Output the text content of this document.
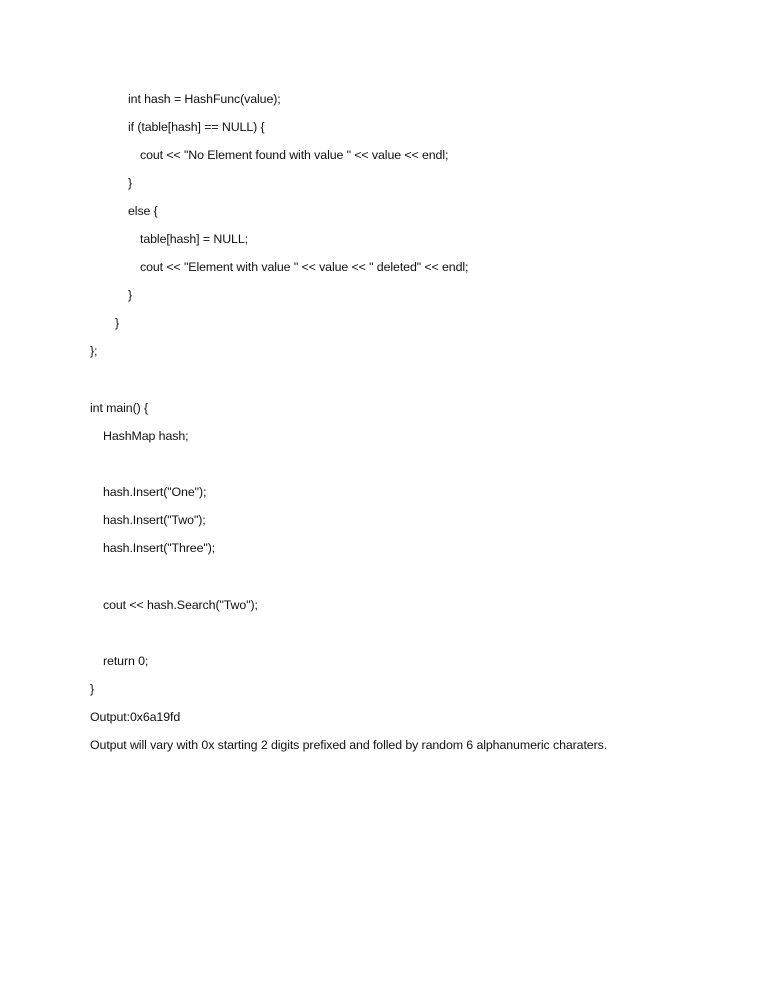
int hash = HashFunc(value);
if (table[hash] == NULL) {
cout << "No Element found with value " << value << endl;
}
else {
table[hash] = NULL;
cout << "Element with value " << value << " deleted" << endl;
}
}
};
int main() {
HashMap hash;
hash.Insert("One");
hash.Insert("Two");
hash.Insert("Three");
cout << hash.Search("Two");
return 0;
}
Output:0x6a19fd
Output will vary with 0x starting 2 digits prefixed and folled by random 6 alphanumeric charaters.
